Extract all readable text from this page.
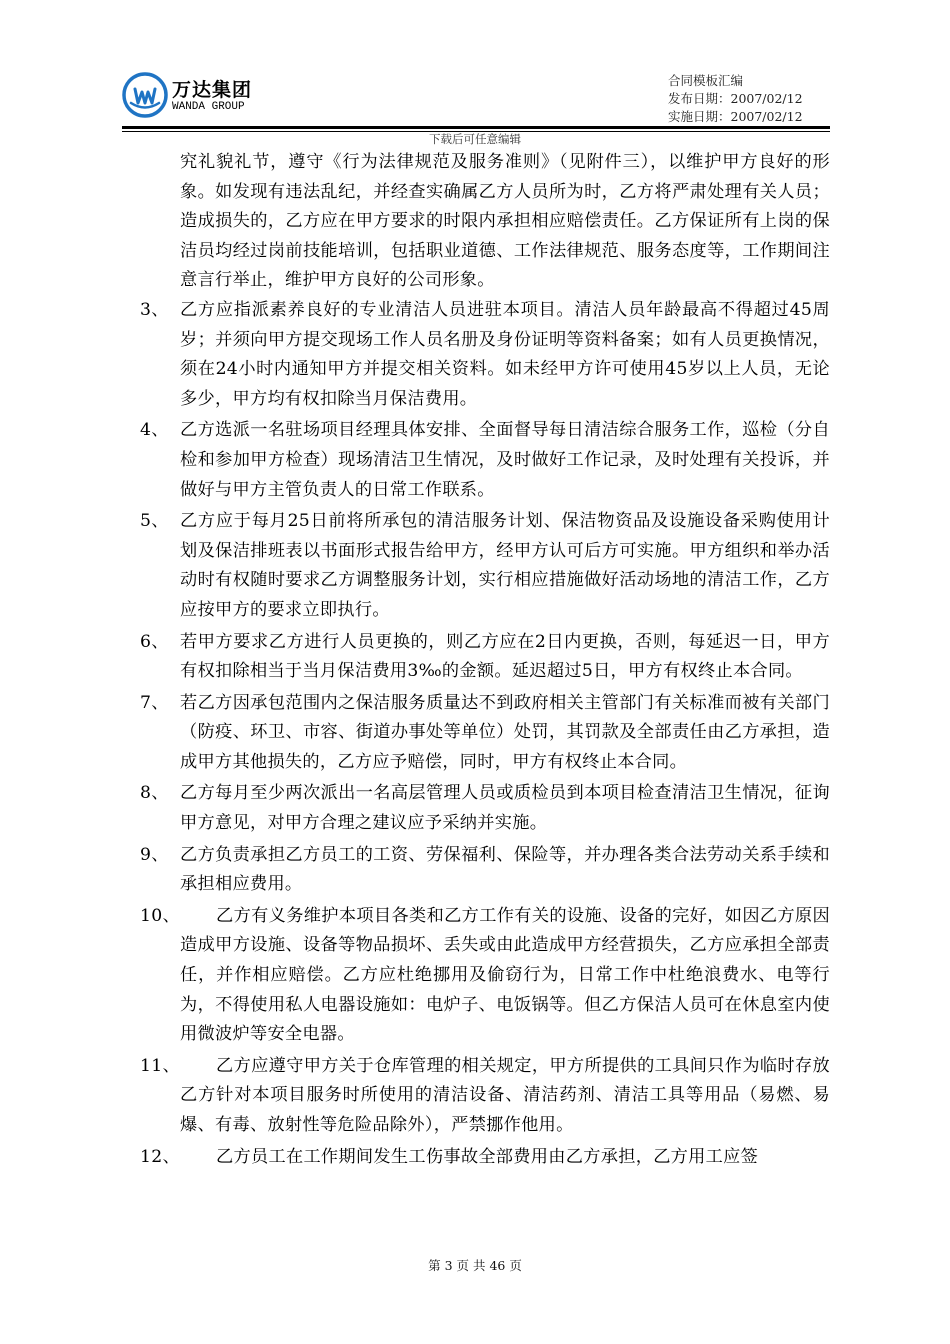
万达集团
WANDA GROUP
合同模板汇编
发布日期：2007/02/12
实施日期：2007/02/12
下载后可任意编辑
究礼貌礼节，遵守《行为法律规范及服务准则》（见附件三），以维护甲方良好的形象。如发现有违法乱纪，并经查实确属乙方人员所为时，乙方将严肃处理有关人员；造成损失的，乙方应在甲方要求的时限内承担相应赔偿责任。乙方保证所有上岗的保洁员均经过岗前技能培训，包括职业道德、工作法律规范、服务态度等，工作期间注意言行举止，维护甲方良好的公司形象。
3、 乙方应指派素养良好的专业清洁人员进驻本项目。清洁人员年龄最高不得超过45周岁；并须向甲方提交现场工作人员名册及身份证明等资料备案；如有人员更换情况，须在24小时内通知甲方并提交相关资料。如未经甲方许可使用45岁以上人员，无论多少，甲方均有权扣除当月保洁费用。
4、 乙方选派一名驻场项目经理具体安排、全面督导每日清洁综合服务工作，巡检（分自检和参加甲方检查）现场清洁卫生情况，及时做好工作记录，及时处理有关投诉，并做好与甲方主管负责人的日常工作联系。
5、 乙方应于每月25日前将所承包的清洁服务计划、保洁物资品及设施设备采购使用计划及保洁排班表以书面形式报告给甲方，经甲方认可后方可实施。甲方组织和举办活动时有权随时要求乙方调整服务计划，实行相应措施做好活动场地的清洁工作，乙方应按甲方的要求立即执行。
6、 若甲方要求乙方进行人员更换的，则乙方应在2日内更换，否则，每延迟一日，甲方有权扣除相当于当月保洁费用3‰的金额。延迟超过5日，甲方有权终止本合同。
7、 若乙方因承包范围内之保洁服务质量达不到政府相关主管部门有关标准而被有关部门（防疫、环卫、市容、街道办事处等单位）处罚，其罚款及全部责任由乙方承担，造成甲方其他损失的，乙方应予赔偿，同时，甲方有权终止本合同。
8、 乙方每月至少两次派出一名高层管理人员或质检员到本项目检查清洁卫生情况，征询甲方意见，对甲方合理之建议应予采纳并实施。
9、 乙方负责承担乙方员工的工资、劳保福利、保险等，并办理各类合法劳动关系手续和承担相应费用。
10、 乙方有义务维护本项目各类和乙方工作有关的设施、设备的完好，如因乙方原因造成甲方设施、设备等物品损坏、丢失或由此造成甲方经营损失，乙方应承担全部责任，并作相应赔偿。乙方应杜绝挪用及偷窃行为，日常工作中杜绝浪费水、电等行为，不得使用私人电器设施如：电炉子、电饭锅等。但乙方保洁人员可在休息室内使用微波炉等安全电器。
11、 乙方应遵守甲方关于仓库管理的相关规定，甲方所提供的工具间只作为临时存放乙方针对本项目服务时所使用的清洁设备、清洁药剂、清洁工具等用品（易燃、易爆、有毒、放射性等危险品除外），严禁挪作他用。
12、 乙方员工在工作期间发生工伤事故全部费用由乙方承担，乙方用工应签
第 3 页 共 46 页
